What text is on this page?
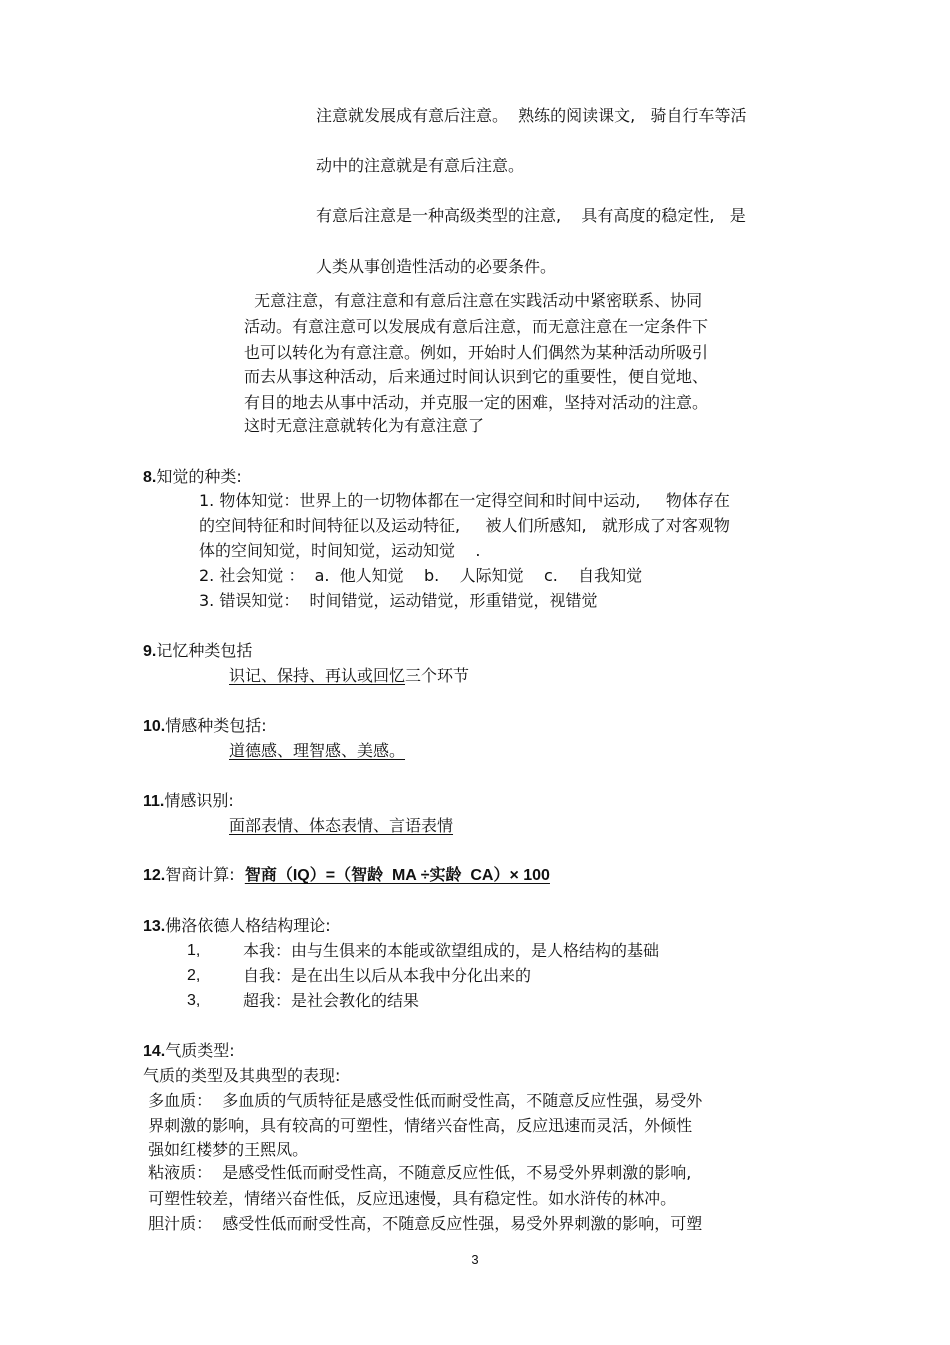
注意就发展成有意后注意。  熟练的阅读课文,   骑自行车等活
动中的注意就是有意后注意。
有意后注意是一种高级类型的注意,    具有高度的稳定性,   是
人类从事创造性活动的必要条件。
无意注意，有意注意和有意后注意在实践活动中紧密联系、协同
活动。有意注意可以发展成有意后注意，而无意注意在一定条件下
也可以转化为有意注意。例如，开始时人们偶然为某种活动所吸引
而去从事这种活动，后来通过时间认识到它的重要性，便自觉地、
有目的地去从事中活动，并克服一定的困难，坚持对活动的注意。
这时无意注意就转化为有意注意了
8.知觉的种类:
1. 物体知觉：世界上的一切物体都在一定得空间和时间中运动,     物体存在
的空间特征和时间特征以及运动特征,     被人们所感知,   就形成了对客观物
体的空间知觉，时间知觉，运动知觉    .
2. 社会知觉 ：  a.  他人知觉    b.    人际知觉    c.    自我知觉
3. 错误知觉：  时间错觉，运动错觉，形重错觉，视错觉
9.记忆种类包括
识记、保持、再认或回忆三个环节
10.情感种类包括:
道德感、理智感、美感。
11.情感识别:
面部表情、体态表情、言语表情
12.智商计算: 智商（IQ）=（智龄  MA ÷实龄  CA）× 100
13.佛洛依德人格结构理论:
1,	本我：由与生俱来的本能或欲望组成的，是人格结构的基础
2,	自我：是在出生以后从本我中分化出来的
3,	超我：是社会教化的结果
14.气质类型:
气质的类型及其典型的表现:
多血质：  多血质的气质特征是感受性低而耐受性高，不随意反应性强，易受外
界刺激的影响，具有较高的可塑性，情绪兴奋性高，反应迅速而灵活，外倾性
强如红楼梦的王熙凤。
粘液质：  是感受性低而耐受性高，不随意反应性低，不易受外界刺激的影响,
可塑性较差，情绪兴奋性低，反应迅速慢，具有稳定性。如水浒传的林冲。
胆汁质：  感受性低而耐受性高，不随意反应性强，易受外界刺激的影响，可塑
3
